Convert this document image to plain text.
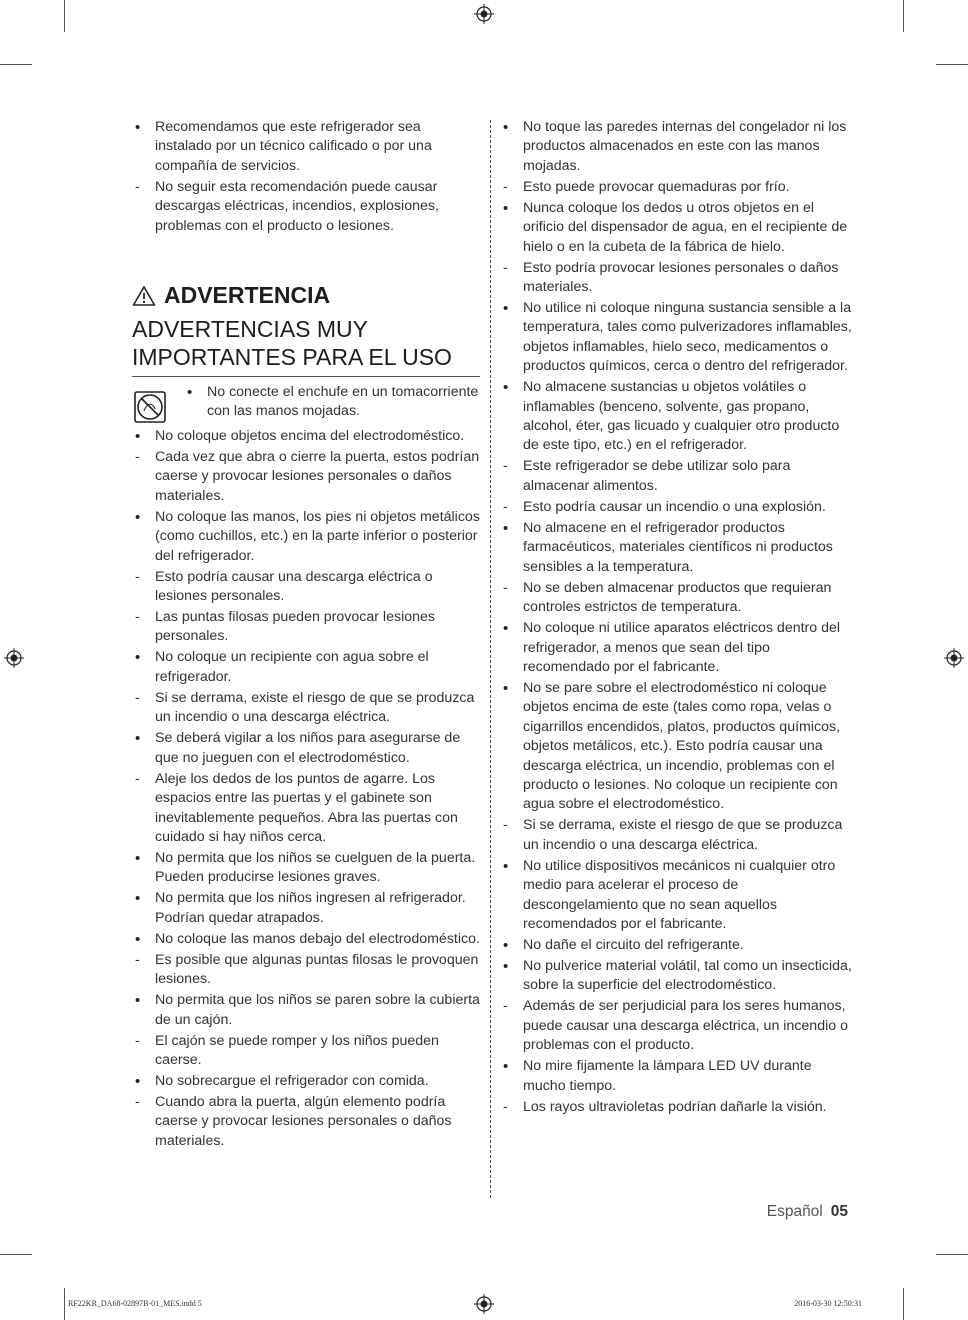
• Recomendamos que este refrigerador sea instalado por un técnico calificado o por una compañía de servicios.
- No seguir esta recomendación puede causar descargas eléctricas, incendios, explosiones, problemas con el producto o lesiones.
ADVERTENCIA
ADVERTENCIAS MUY IMPORTANTES PARA EL USO
• No conecte el enchufe en un tomacorriente con las manos mojadas.
• No coloque objetos encima del electrodoméstico.
- Cada vez que abra o cierre la puerta, estos podrían caerse y provocar lesiones personales o daños materiales.
• No coloque las manos, los pies ni objetos metálicos (como cuchillos, etc.) en la parte inferior o posterior del refrigerador.
- Esto podría causar una descarga eléctrica o lesiones personales.
- Las puntas filosas pueden provocar lesiones personales.
• No coloque un recipiente con agua sobre el refrigerador.
- Si se derrama, existe el riesgo de que se produzca un incendio o una descarga eléctrica.
• Se deberá vigilar a los niños para asegurarse de que no jueguen con el electrodoméstico.
- Aleje los dedos de los puntos de agarre. Los espacios entre las puertas y el gabinete son inevitablemente pequeños. Abra las puertas con cuidado si hay niños cerca.
• No permita que los niños se cuelguen de la puerta. Pueden producirse lesiones graves.
• No permita que los niños ingresen al refrigerador. Podrían quedar atrapados.
• No coloque las manos debajo del electrodoméstico.
- Es posible que algunas puntas filosas le provoquen lesiones.
• No permita que los niños se paren sobre la cubierta de un cajón.
- El cajón se puede romper y los niños pueden caerse.
• No sobrecargue el refrigerador con comida.
- Cuando abra la puerta, algún elemento podría caerse y provocar lesiones personales o daños materiales.
• No toque las paredes internas del congelador ni los productos almacenados en este con las manos mojadas.
- Esto puede provocar quemaduras por frío.
• Nunca coloque los dedos u otros objetos en el orificio del dispensador de agua, en el recipiente de hielo o en la cubeta de la fábrica de hielo.
- Esto podría provocar lesiones personales o daños materiales.
• No utilice ni coloque ninguna sustancia sensible a la temperatura, tales como pulverizadores inflamables, objetos inflamables, hielo seco, medicamentos o productos químicos, cerca o dentro del refrigerador.
• No almacene sustancias u objetos volátiles o inflamables (benceno, solvente, gas propano, alcohol, éter, gas licuado y cualquier otro producto de este tipo, etc.) en el refrigerador.
- Este refrigerador se debe utilizar solo para almacenar alimentos.
- Esto podría causar un incendio o una explosión.
• No almacene en el refrigerador productos farmacéuticos, materiales científicos ni productos sensibles a la temperatura.
- No se deben almacenar productos que requieran controles estrictos de temperatura.
• No coloque ni utilice aparatos eléctricos dentro del refrigerador, a menos que sean del tipo recomendado por el fabricante.
• No se pare sobre el electrodoméstico ni coloque objetos encima de este (tales como ropa, velas o cigarrillos encendidos, platos, productos químicos, objetos metálicos, etc.). Esto podría causar una descarga eléctrica, un incendio, problemas con el producto o lesiones. No coloque un recipiente con agua sobre el electrodoméstico.
- Si se derrama, existe el riesgo de que se produzca un incendio o una descarga eléctrica.
• No utilice dispositivos mecánicos ni cualquier otro medio para acelerar el proceso de descongelamiento que no sean aquellos recomendados por el fabricante.
• No dañe el circuito del refrigerante.
• No pulverice material volátil, tal como un insecticida, sobre la superficie del electrodoméstico.
- Además de ser perjudicial para los seres humanos, puede causar una descarga eléctrica, un incendio o problemas con el producto.
• No mire fijamente la lámpara LED UV durante mucho tiempo.
- Los rayos ultravioletas podrían dañarle la visión.
Español 05
RF22KR_DA68-02897B-01_MES.indd 5	2016-03-30 12:50:31
